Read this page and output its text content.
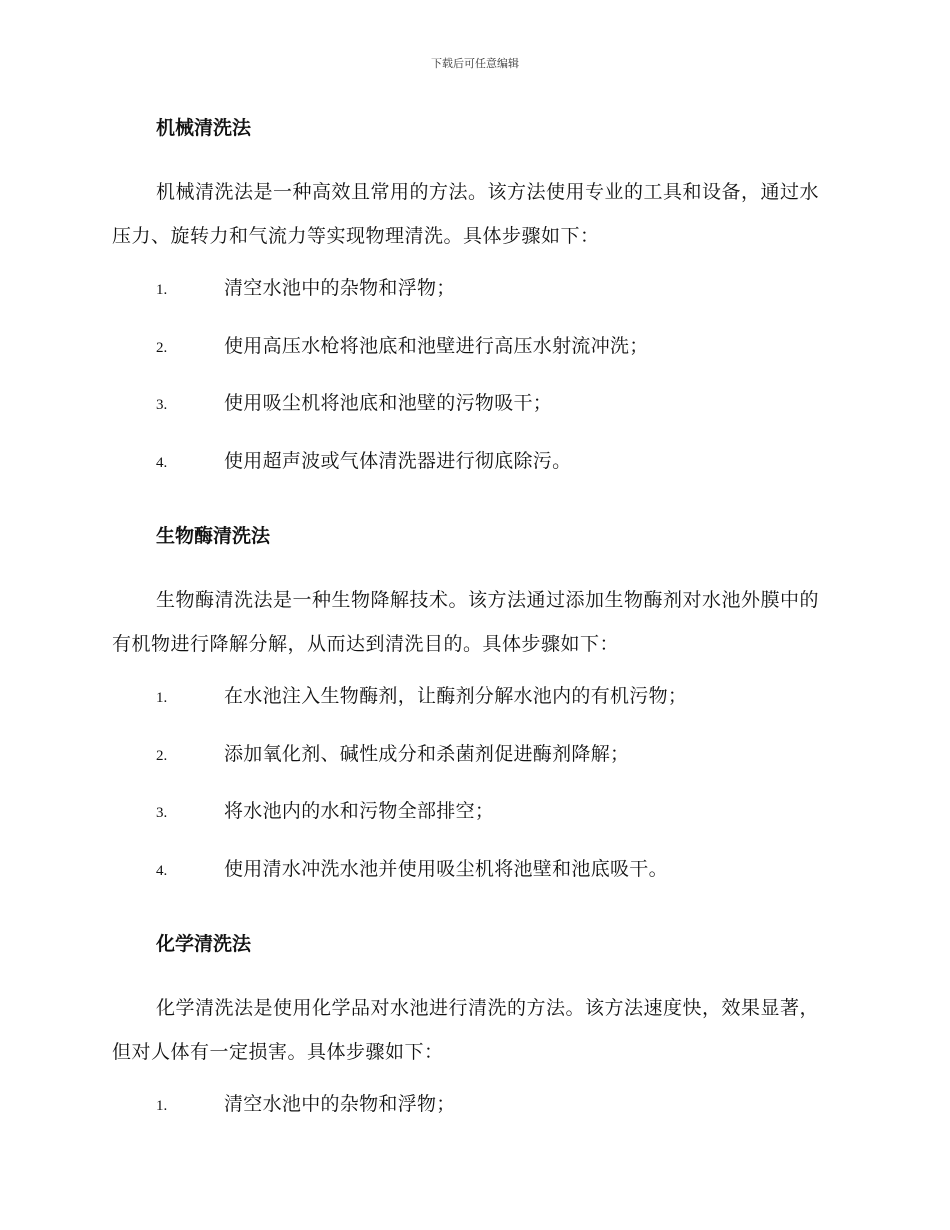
下载后可任意编辑
机械清洗法

机械清洗法是一种高效且常用的方法。该方法使用专业的工具和设备，通过水压力、旋转力和气流力等实现物理清洗。具体步骤如下：

1.	清空水池中的杂物和浮物；
2.	使用高压水枪将池底和池壁进行高压水射流冲洗；
3.	使用吸尘机将池底和池壁的污物吸干；
4.	使用超声波或气体清洗器进行彻底除污。
生物酶清洗法

生物酶清洗法是一种生物降解技术。该方法通过添加生物酶剂对水池外膜中的有机物进行降解分解，从而达到清洗目的。具体步骤如下：

1.	在水池注入生物酶剂，让酶剂分解水池内的有机污物；
2.	添加氧化剂、碱性成分和杀菌剂促进酶剂降解；
3.	将水池内的水和污物全部排空；
4.	使用清水冲洗水池并使用吸尘机将池壁和池底吸干。
化学清洗法

化学清洗法是使用化学品对水池进行清洗的方法。该方法速度快，效果显著，但对人体有一定损害。具体步骤如下：

1.	清空水池中的杂物和浮物；
